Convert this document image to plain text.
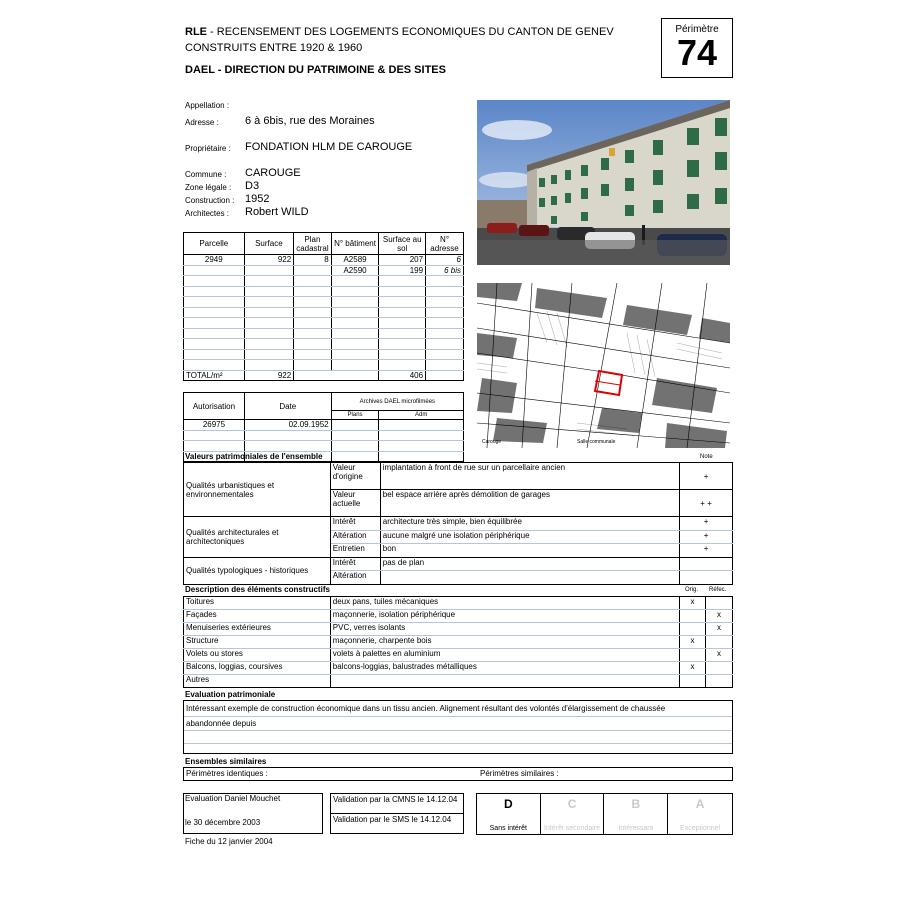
RLE - RECENSEMENT DES LOGEMENTS ECONOMIQUES DU CANTON DE GENEV
CONSTRUITS ENTRE 1920 & 1960
DAEL - DIRECTION DU PATRIMOINE & DES SITES
Périmètre
74
Appellation :
Adresse : 6 à 6bis, rue des Moraines
Propriétaire : FONDATION HLM DE CAROUGE
Commune : CAROUGE
Zone légale : D3
Construction : 1952
Architectes : Robert WILD
Carouge	Salle communale
Parcelle	Surface	Plan cadastral	N° bâtiment	Surface au sol	N° adresse
2949	922	8	A2589	207	6
			A2590	199	6 bis

TOTAL/m²	922			406	
Autorisation	Date	Archives DAEL microfilmées	
		Plans	Adm
26975	02.09.1952		

Valeurs patrimoniales de l'ensemble	Note
Qualités urbanistiques et environnementales	Valeur d'origine	implantation à front de rue sur un parcellaire ancien	+
	Valeur actuelle	bel espace arrière après démolition de garages	+ +
Qualités architecturales et architectoniques	Intérêt	architecture très simple, bien équilibrée	+
	Altération	aucune malgré une isolation périphérique	+
	Entretien	bon	+
Qualités typologiques - historiques	Intérêt	pas de plan	
	Altération		
Description des éléments constructifs	Orig. Réfec.
Toitures	deux pans, tuiles mécaniques	x	
Façades	maçonnerie, isolation périphérique		x
Menuiseries extérieures	PVC, verres isolants		x
Structure	maçonnerie, charpente bois	x	
Volets ou stores	volets à palettes en aluminium		x
Balcons, loggias, coursives	balcons-loggias, balustrades métalliques	x	
Autres			
Evaluation patrimoniale
Intéressant exemple de construction économique dans un tissu ancien. Alignement résultant des volontés d'élargissement de chaussée
abandonnée depuis
Ensembles similaires
Périmètres identiques :	Périmètres similaires :
Evaluation Daniel Mouchet
le 30 décembre 2003
Validation par la CMNS le 14.12.04
Validation par le SMS le 14.12.04
Fiche du 12 janvier 2004
D
Sans intérêt

C
Intérêt secondaire

B
Intéressant

A
Exceptionnel
